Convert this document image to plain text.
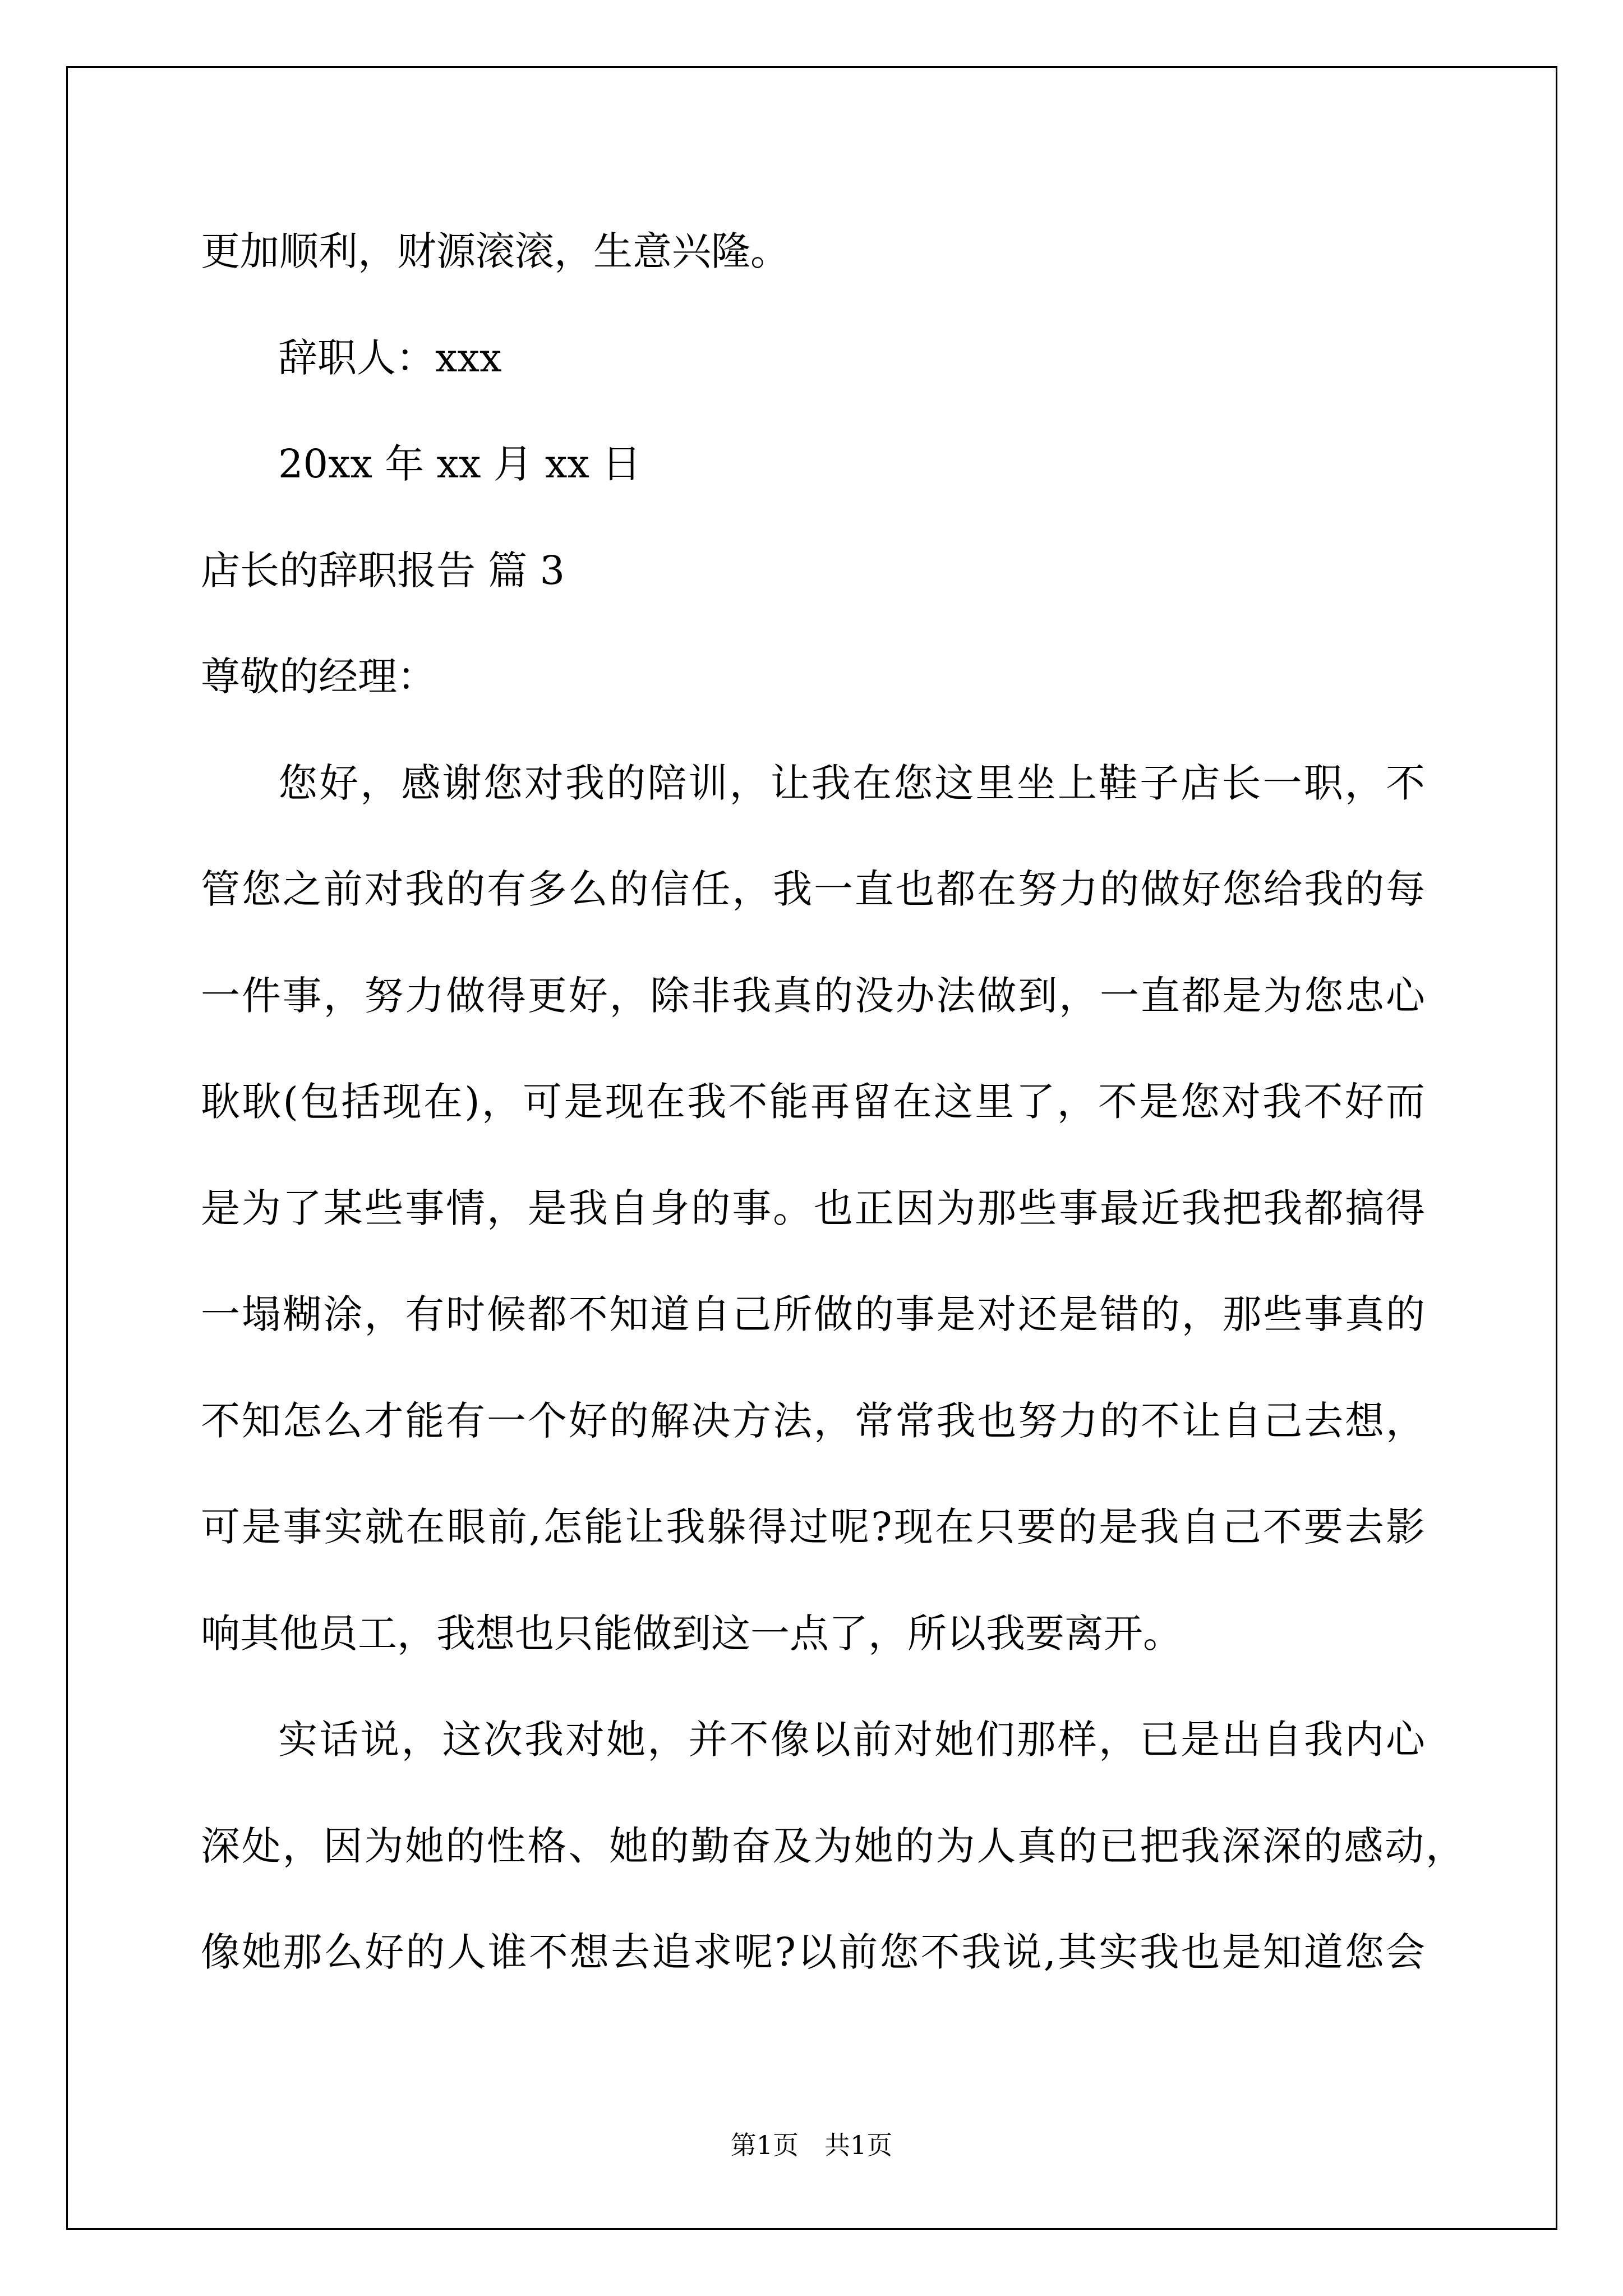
更加顺利，财源滚滚，生意兴隆。
辞职人：xxx
20xx 年 xx 月 xx 日
店长的辞职报告 篇 3
尊敬的经理：
您好，感谢您对我的陪训，让我在您这里坐上鞋子店长一职，不
管您之前对我的有多么的信任，我一直也都在努力的做好您给我的每
一件事，努力做得更好，除非我真的没办法做到，一直都是为您忠心
耿耿(包括现在)，可是现在我不能再留在这里了，不是您对我不好而
是为了某些事情，是我自身的事。也正因为那些事最近我把我都搞得
一塌糊涂，有时候都不知道自己所做的事是对还是错的，那些事真的
不知怎么才能有一个好的解决方法，常常我也努力的不让自己去想，
可是事实就在眼前,怎能让我躲得过呢?现在只要的是我自己不要去影
响其他员工，我想也只能做到这一点了，所以我要离开。
实话说，这次我对她，并不像以前对她们那样，已是出自我内心
深处，因为她的性格、她的勤奋及为她的为人真的已把我深深的感动，
像她那么好的人谁不想去追求呢?以前您不我说,其实我也是知道您会
第1页　共1页
